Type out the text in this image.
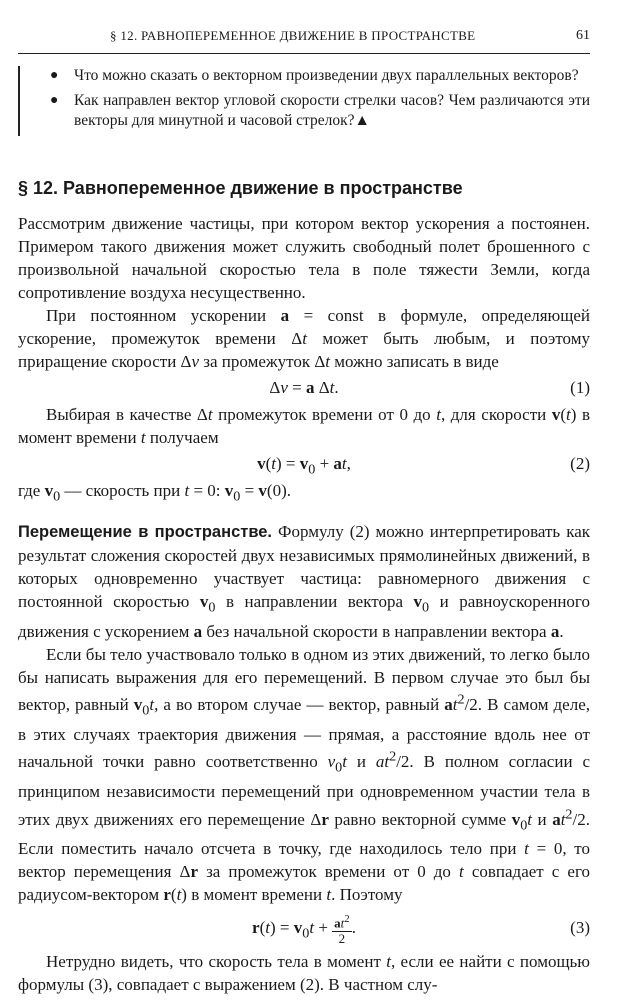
§ 12. РАВНОПЕРЕМЕННОЕ ДВИЖЕНИЕ В ПРОСТРАНСТВЕ	61
● Что можно сказать о векторном произведении двух параллельных векторов?
● Как направлен вектор угловой скорости стрелки часов? Чем различаются эти векторы для минутной и часовой стрелок?▲
§ 12. Равнопеременное движение в пространстве

Рассмотрим движение частицы, при котором вектор ускорения a постоянен. Примером такого движения может служить свободный полет брошенного с произвольной начальной скоростью тела в поле тяжести Земли, когда сопротивление воздуха несущественно.

При постоянном ускорении a = const в формуле, определяющей ускорение, промежуток времени Δt может быть любым, и поэтому приращение скорости Δv за промежуток Δt можно записать в виде

Δv = a Δt.	(1)

Выбирая в качестве Δt промежуток времени от 0 до t, для скорости v(t) в момент времени t получаем

$v(t) = v_0$ + at,	(2)

где $v_0$ — скорость при t = 0: $v_0 = v(0)$.

Перемещение в пространстве. Формулу (2) можно интерпретировать как результат сложения скоростей двух независимых прямолинейных движений, в которых одновременно участвует частица: равномерного движения с постоянной скоростью $v_0$ в направлении вектора $v_0$ и равноускоренного движения с ускорением a без начальной скорости в направлении вектора a.

Если бы тело участвовало только в одном из этих движений, то легко было бы написать выражения для его перемещений. В первом случае это был бы вектор, равный $v_0t$, а во втором случае — вектор, равный $at^2/2$. В самом деле, в этих случаях траектория движения — прямая, а расстояние вдоль нее от начальной точки равно соответственно $v_0t$ и $at^2/2$. В полном согласии с принципом независимости перемещений при одновременном участии тела в этих двух движениях его перемещение Δr равно векторной сумме $v_0t$ и $at^2/2$. Если поместить начало отсчета в точку, где находилось тело при t = 0, то вектор перемещения Δr за промежуток времени от 0 до t совпадает с его радиусом-вектором r(t) в момент времени t. Поэтому

$r(t) = v_0t + \frac{at^2}{2}$ .	(3)

Нетрудно видеть, что скорость тела в момент t, если ее найти с помощью формулы (3), совпадает с выражением (2). В частном слу-
